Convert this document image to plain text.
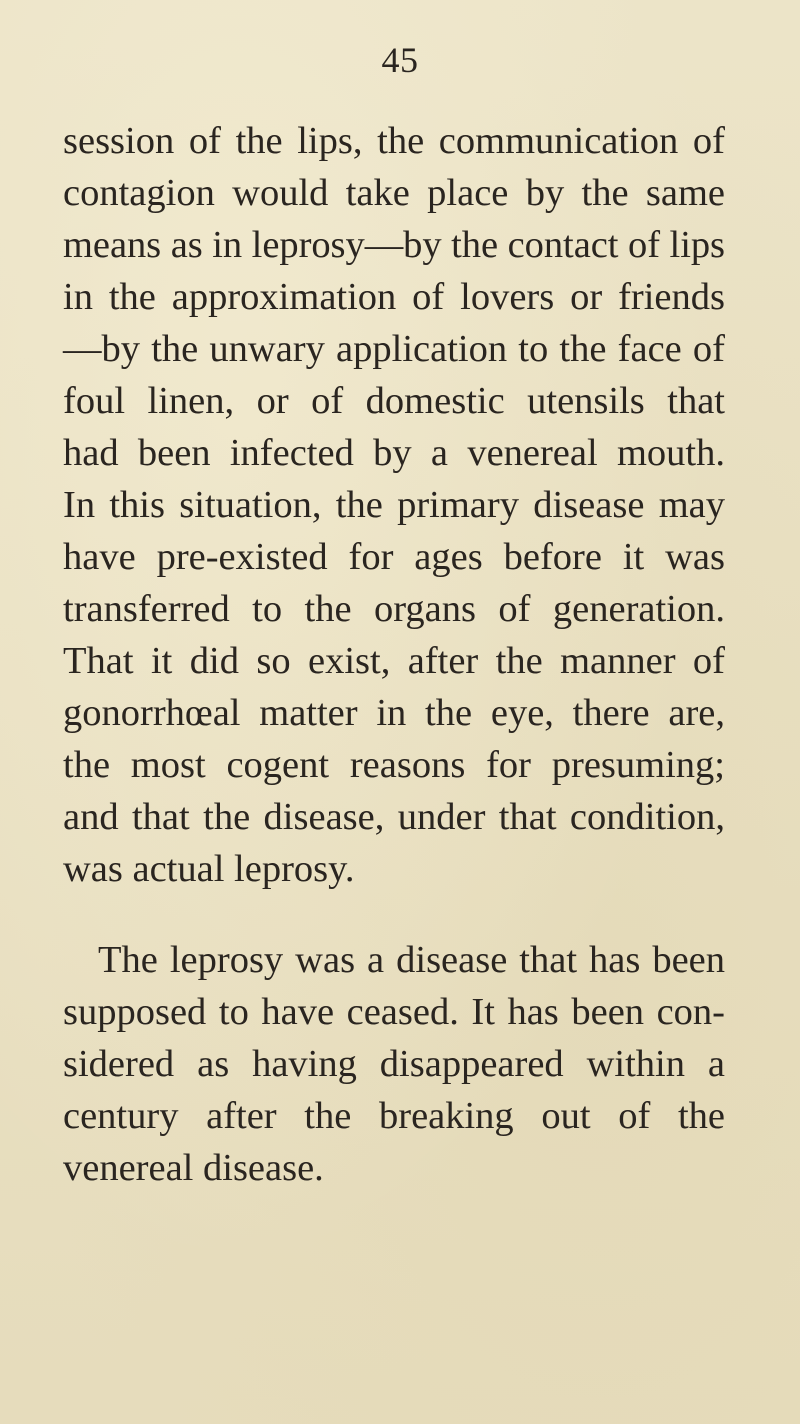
45

session of the lips, the communication of

contagion would take place by the same

means as in leprosy—by the contact of lips

in the approximation of lovers or friends

—by the unwary application to the face of

foul linen, or of domestic utensils that

had been infected by a venereal mouth.

In this situation, the primary disease may

have pre-existed for ages before it was

transferred to the organs of generation.

That it did so exist, after the manner of

gonorrhœal matter in the eye, there are,

the most cogent reasons for presuming;

and that the disease, under that condition,

was actual leprosy.

The leprosy was a disease that has been

supposed to have ceased. It has been con-

sidered as having disappeared within a

century after the breaking out of the

venereal disease.
